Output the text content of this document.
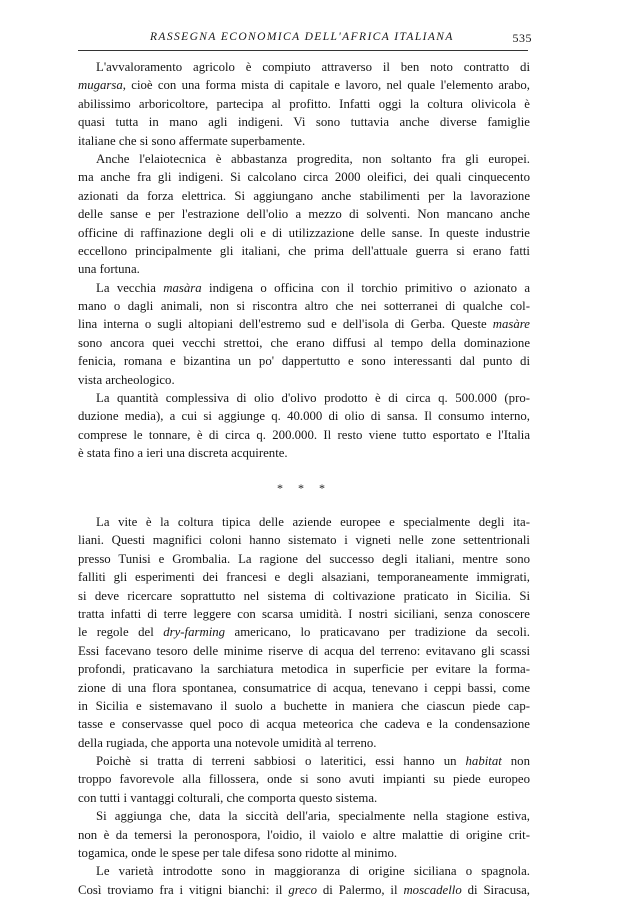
RASSEGNA ECONOMICA DELL'AFRICA ITALIANA	535
L'avvaloramento agricolo è compiuto attraverso il ben noto contratto di
mugarsa, cioè con una forma mista di capitale e lavoro, nel quale l'elemento arabo,
abilissimo arboricoltore, partecipa al profitto. Infatti oggi la coltura olivicola è
quasi tutta in mano agli indigeni. Vi sono tuttavia anche diverse famiglie
italiane che si sono affermate superbamente.
Anche l'elaiotecnica è abbastanza progredita, non soltanto fra gli europei.
ma anche fra gli indigeni. Si calcolano circa 2000 oleifici, dei quali cinquecento
azionati da forza elettrica. Si aggiungano anche stabilimenti per la lavorazione
delle sanse e per l'estrazione dell'olio a mezzo di solventi. Non mancano anche
officine di raffinazione degli oli e di utilizzazione delle sanse. In queste industrie
eccellono principalmente gli italiani, che prima dell'attuale guerra si erano fatti
una fortuna.
La vecchia masàra indigena o officina con il torchio primitivo o azionato a
mano o dagli animali, non si riscontra altro che nei sotterranei di qualche col-
lina interna o sugli altopiani dell'estremo sud e dell'isola di Gerba. Queste masàre
sono ancora quei vecchi strettoi, che erano diffusi al tempo della dominazione
fenicia, romana e bizantina un po' dappertutto e sono interessanti dal punto di
vista archeologico.
La quantità complessiva di olio d'olivo prodotto è di circa q. 500.000 (pro-
duzione media), a cui si aggiunge q. 40.000 di olio di sansa. Il consumo interno,
comprese le tonnare, è di circa q. 200.000. Il resto viene tutto esportato e l'Italia
è stata fino a ieri una discreta acquirente.
* * *
La vite è la coltura tipica delle aziende europee e specialmente degli ita-
liani. Questi magnifici coloni hanno sistemato i vigneti nelle zone settentrionali
presso Tunisi e Grombalia. La ragione del successo degli italiani, mentre sono
falliti gli esperimenti dei francesi e degli alsaziani, temporaneamente immigrati,
si deve ricercare soprattutto nel sistema di coltivazione praticato in Sicilia. Si
tratta infatti di terre leggere con scarsa umidità. I nostri siciliani, senza conoscere
le regole del dry-farming americano, lo praticavano per tradizione da secoli.
Essi facevano tesoro delle minime riserve di acqua del terreno: evitavano gli scassi
profondi, praticavano la sarchiatura metodica in superficie per evitare la forma-
zione di una flora spontanea, consumatrice di acqua, tenevano i ceppi bassi, come
in Sicilia e sistemavano il suolo a buchette in maniera che ciascun piede cap-
tasse e conservasse quel poco di acqua meteorica che cadeva e la condensazione
della rugiada, che apporta una notevole umidità al terreno.
Poichè si tratta di terreni sabbiosi o lateritici, essi hanno un habitat non
troppo favorevole alla fillossera, onde si sono avuti impianti su piede europeo
con tutti i vantaggi colturali, che comporta questo sistema.
Si aggiunga che, data la siccità dell'aria, specialmente nella stagione estiva,
non è da temersi la peronospora, l'oidio, il vaiolo e altre malattie di origine crit-
togamica, onde le spese per tale difesa sono ridotte al minimo.
Le varietà introdotte sono in maggioranza di origine siciliana o spagnola.
Così troviamo fra i vitigni bianchi: il greco di Palermo, il moscadello di Siracusa,
